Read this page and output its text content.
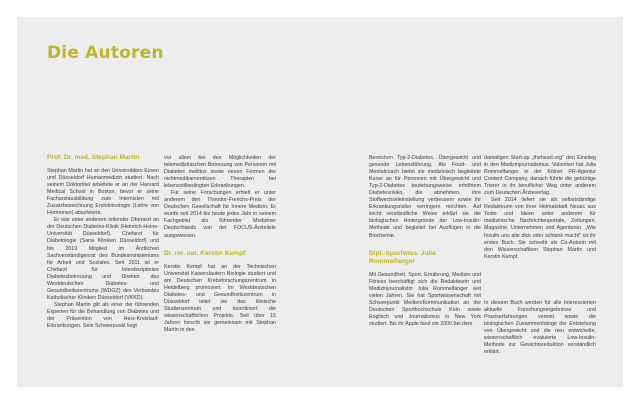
Die Autoren
Prof. Dr. med. Stephan Martin

Stephan Martin hat an den Universitäten Essen und Düsseldorf Humanmedizin studiert. Nach seinem Doktortitel arbeitete er an der Harvard Medical School in Boston, bevor er seine Facharztausbildung zum Internisten mit Zusatzbezeichnung Endokrinologie (Lehre von Hormonen) absolvierte.

Er war unter anderem leitender Oberarzt an der Deutschen Diabetes-Klinik (Heinrich-Heine-Universität Düsseldorf), Chefarzt für Diabetologie (Sana Kliniken Düsseldorf) und bis 2019 Mitglied im Ärztlichen Sachverständigenrat des Bundesministeriums für Arbeit und Soziales. Seit 2011 ist er Chefarzt für Interdisziplinäre Diabetesbetreuung und Direktor des Westdeutschen Diabetes- und Gesundheitszentrums (WDGZ) des Verbundes Katholischer Kliniken Düsseldorf (VKKD).

Stephan Martin gilt als einer der führenden Experten für die Behandlung von Diabetes und der Prävention von Herz-Kreislauf-Erkrankungen. Sein Schwerpunkt liegt

vor allem bei den Möglichkeiten der telemedizinischen Betreuung von Personen mit Diabetes mellitus sowie neuen Formen der nichtmedikamentösen Therapien bei lebensstilbedingten Erkrankungen.

Für seine Forschungen erhielt er unter anderem den Theodor-Frerichs-Preis der Deutschen Gesellschaft für Innere Medizin. Er wurde seit 2014 bis heute jedes Jahr in seinem Fachgebiet als führender Mediziner Deutschlands von der FOCUS-Ärzteliste ausgewiesen.

Dr. rer. nat. Kerstin Kempf

Kerstin Kempf hat an der Technischen Universität Kaiserslautern Biologie studiert und am Deutschen Krebsforschungszentrum in Heidelberg promoviert. Im Westdeutschen Diabetes- und Gesundheitszentrum in Düsseldorf leitet sie das klinische Studienzentrum und koordiniert die wissenschaftlichen Projekte. Seit über 15 Jahren forscht sie gemeinsam mit Stephan Martin in den

Bereichen Typ-2-Diabetes, Übergewicht und gesunde Lebensführung. Als Food- und Mentalcoach bietet sie medizinisch begleitete Kurse an für Personen mit Übergewicht und Typ-2-Diabetes beziehungsweise erhöhtem Diabetesrisiko, die abnehmen, ihre Stoffwechseleinstellung verbessern sowie ihr Erkrankungsrisiko verringern möchten. Auf leicht verständliche Weise erklärt sie die biologischen Hintergründe der Low-Insulin-Methode und begleitet bei Ausflügen in die Biochemie.

Dipl.-Sportwiss. Julia Rommelfanger

Mit Gesundheit, Sport, Ernährung, Medizin und Fitness beschäftigt sich die Redakteurin und Medizinjournalistin Julia Rommelfanger seit vielen Jahren. Sie hat Sportwissenschaft mit Schwerpunkt Medien/Kommunikation an der Deutschen Sporthochschule Köln sowie Englisch und Journalismus in New York studiert. Bis ihr Apple fand sie 2000 bei dem

damaligen Start-up „theheart.org" den Einstieg in den Medizinjournalismus. Volontiert hat Julia Rommelfanger in der Kölner PR-Agentur Content Company, danach führte die gebürtige Trierer in ihr beruflicher Weg unter anderem zum Deutschen Ärzteverlag.

Seit 2014 liefert sie als selbstständige Redakteurin von ihrer Heimatstadt Neuss aus Texte und Ideen unter anderem für medizinische Nachrichtenportale, Zeitungen, Magazine, Unternehmen und Agenturen. „Wie Insulin uns alle dick oder schlank macht" ist ihr erstes Buch. Sie schreibt als Co-Autorin mit den Wissenschaftlern Stephan Martin und Kerstin Kempf.

In diesem Buch werden für alle Interessierten aktuelle Forschungsergebnisse und Praxiserfahrungen vereint sowie die biologischen Zusammenhänge der Entstehung von Übergewicht und die neu entwickelte, wissenschaftlich evaluierte Low-Insulin-Methode zur Gewichtsreduktion verständlich erklärt.
